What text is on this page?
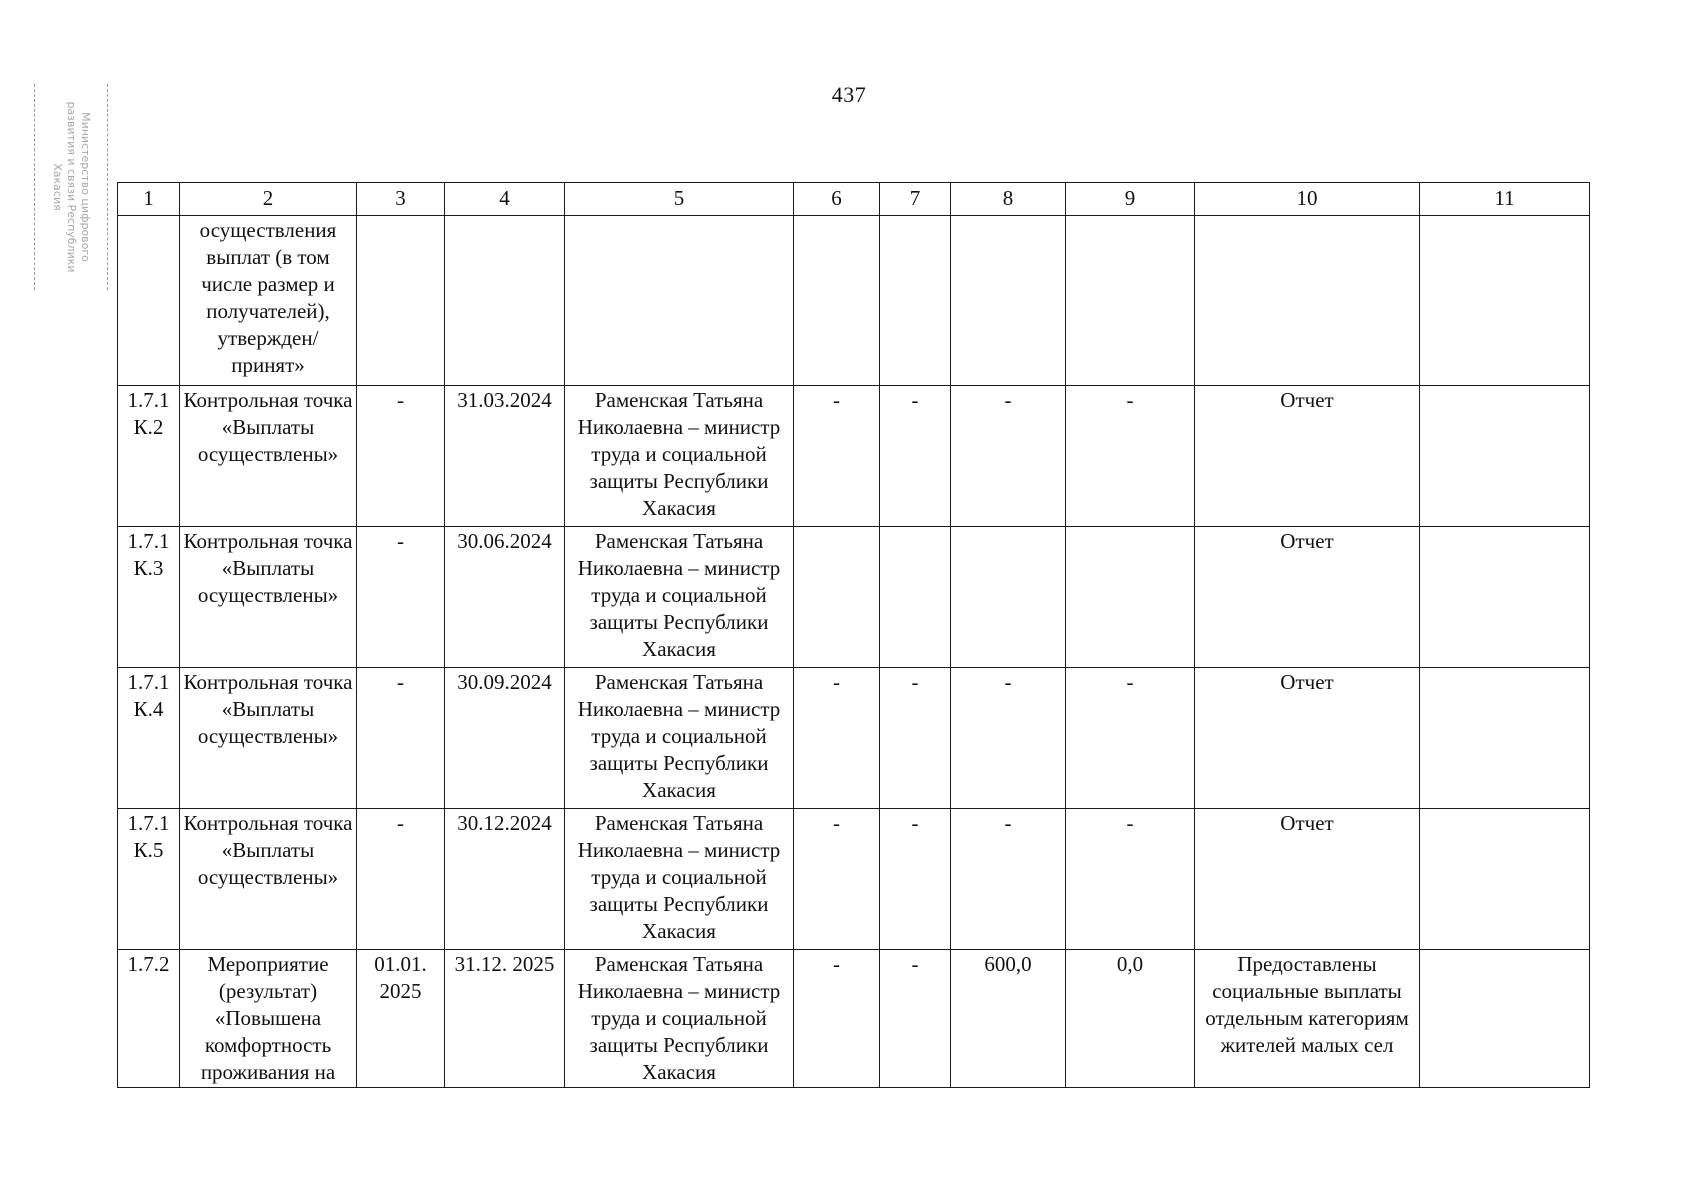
437
Министерство цифрового развития и связи Республики Хакасия	1	2	3	4	5	6	7	8	9	10	11
	осуществления выплат (в том числе размер и получателей), утвержден/ принят»									
1.7.1 К.2	Контрольная точка «Выплаты осуществлены»	-	31.03.2024	Раменская Татьяна Николаевна – министр труда и социальной защиты Республики Хакасия	-	-	-	-	Отчет	
1.7.1 К.3	Контрольная точка «Выплаты осуществлены»	-	30.06.2024	Раменская Татьяна Николаевна – министр труда и социальной защиты Республики Хакасия					Отчет	
1.7.1 К.4	Контрольная точка «Выплаты осуществлены»	-	30.09.2024	Раменская Татьяна Николаевна – министр труда и социальной защиты Республики Хакасия	-	-	-	-	Отчет	
1.7.1 К.5	Контрольная точка «Выплаты осуществлены»	-	30.12.2024	Раменская Татьяна Николаевна – министр труда и социальной защиты Республики Хакасия	-	-	-	-	Отчет	
1.7.2	Мероприятие (результат) «Повышена комфортность проживания на	01.01. 2025	31.12. 2025	Раменская Татьяна Николаевна – министр труда и социальной защиты Республики Хакасия	-	-	600,0	0,0	Предоставлены социальные выплаты отдельным категориям жителей малых сел	
